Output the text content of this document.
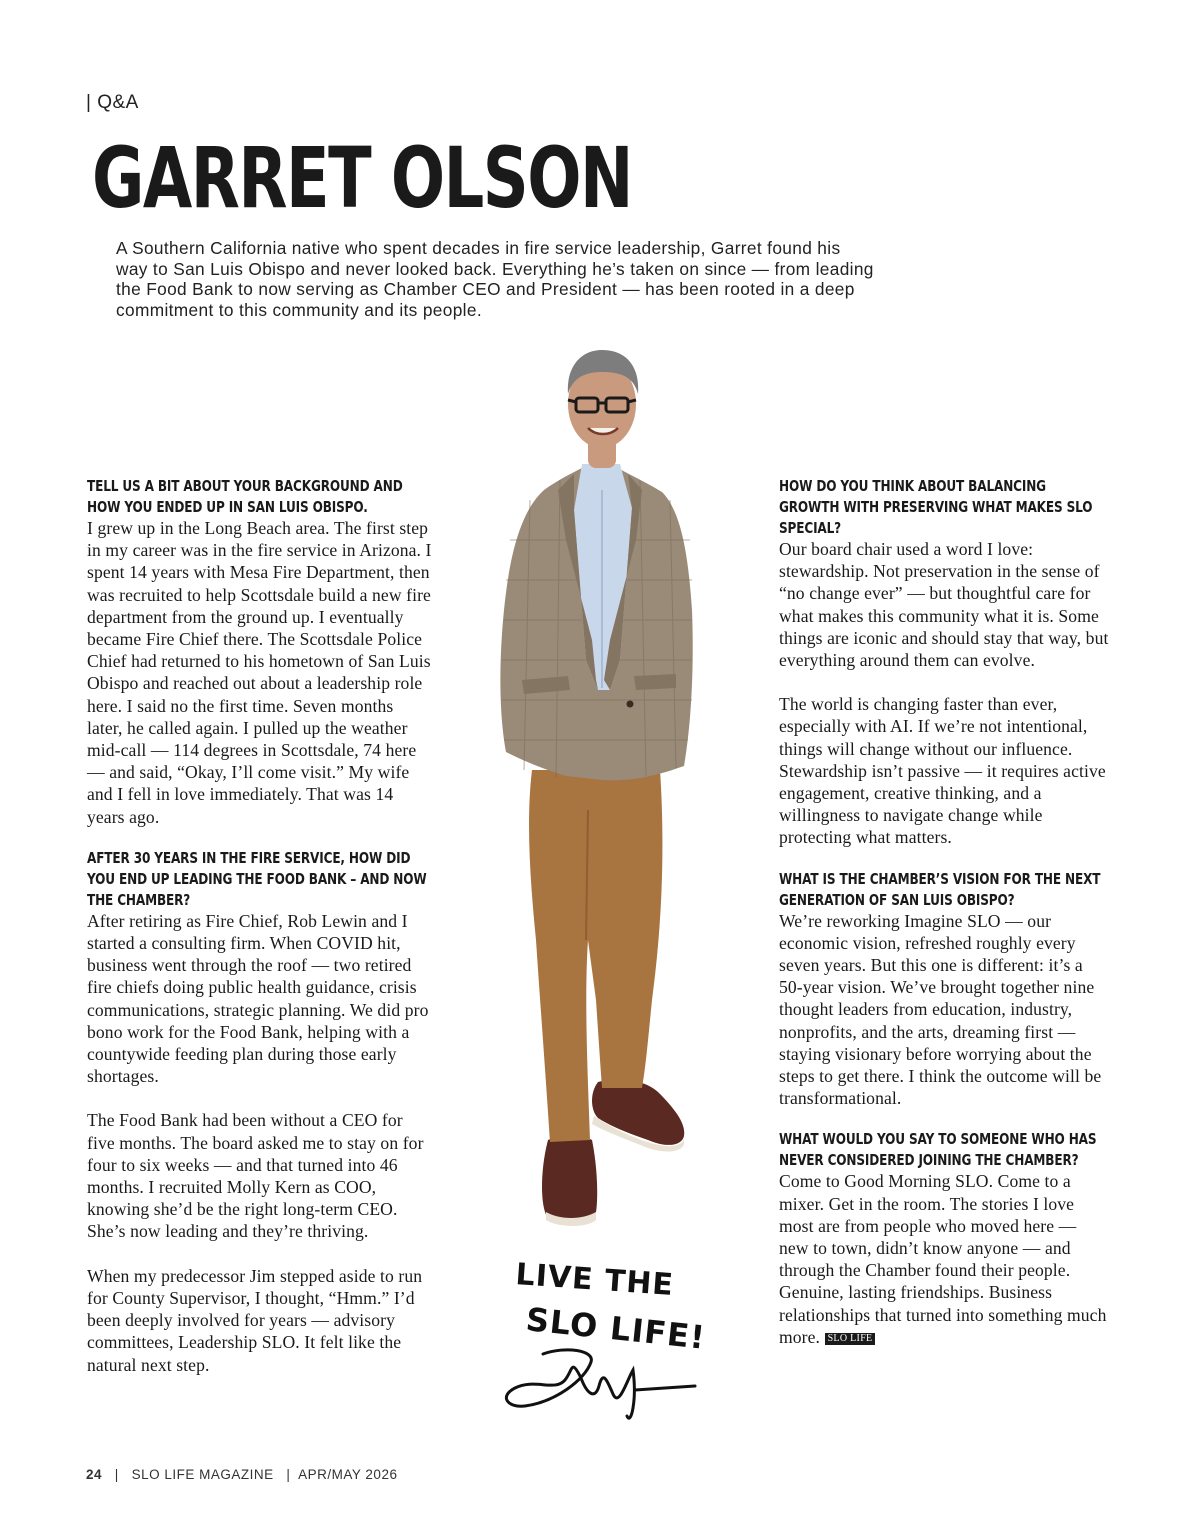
| Q&A
GARRET OLSON
A Southern California native who spent decades in fire service leadership, Garret found his way to San Luis Obispo and never looked back. Everything he’s taken on since — from leading the Food Bank to now serving as Chamber CEO and President — has been rooted in a deep commitment to this community and its people.
TELL US A BIT ABOUT YOUR BACKGROUND AND HOW YOU ENDED UP IN SAN LUIS OBISPO.

I grew up in the Long Beach area. The first step in my career was in the fire service in Arizona. I spent 14 years with Mesa Fire Department, then was recruited to help Scottsdale build a new fire department from the ground up. I eventually became Fire Chief there. The Scottsdale Police Chief had returned to his hometown of San Luis Obispo and reached out about a leadership role here. I said no the first time. Seven months later, he called again. I pulled up the weather mid-call — 114 degrees in Scottsdale, 74 here — and said, “Okay, I’ll come visit.” My wife and I fell in love immediately. That was 14 years ago.

AFTER 30 YEARS IN THE FIRE SERVICE, HOW DID YOU END UP LEADING THE FOOD BANK – AND NOW THE CHAMBER?

After retiring as Fire Chief, Rob Lewin and I started a consulting firm. When COVID hit, business went through the roof — two retired fire chiefs doing public health guidance, crisis communications, strategic planning. We did pro bono work for the Food Bank, helping with a countywide feeding plan during those early shortages.

The Food Bank had been without a CEO for five months. The board asked me to stay on for four to six weeks — and that turned into 46 months. I recruited Molly Kern as COO, knowing she’d be the right long-term CEO. She’s now leading and they’re thriving.

When my predecessor Jim stepped aside to run for County Supervisor, I thought, “Hmm.” I’d been deeply involved for years — advisory committees, Leadership SLO. It felt like the natural next step.

HOW DO YOU THINK ABOUT BALANCING GROWTH WITH PRESERVING WHAT MAKES SLO SPECIAL?

Our board chair used a word I love: stewardship. Not preservation in the sense of “no change ever” — but thoughtful care for what makes this community what it is. Some things are iconic and should stay that way, but everything around them can evolve.

The world is changing faster than ever, especially with AI. If we’re not intentional, things will change without our influence. Stewardship isn’t passive — it requires active engagement, creative thinking, and a willingness to navigate change while protecting what matters.

WHAT IS THE CHAMBER’S VISION FOR THE NEXT GENERATION OF SAN LUIS OBISPO?

We’re reworking Imagine SLO — our economic vision, refreshed roughly every seven years. But this one is different: it’s a 50-year vision. We’ve brought together nine thought leaders from education, industry, nonprofits, and the arts, dreaming first — staying visionary before worrying about the steps to get there. I think the outcome will be transformational.

WHAT WOULD YOU SAY TO SOMEONE WHO HAS NEVER CONSIDERED JOINING THE CHAMBER?

Come to Good Morning SLO. Come to a mixer. Get in the room. The stories I love most are from people who moved here — new to town, didn’t know anyone — and through the Chamber found their people. Genuine, lasting friendships. Business relationships that turned into something much more. SLO LIFE

LIVE THE
SLO LIFE!
24   |   SLO LIFE MAGAZINE   |  APR/MAY 2026
